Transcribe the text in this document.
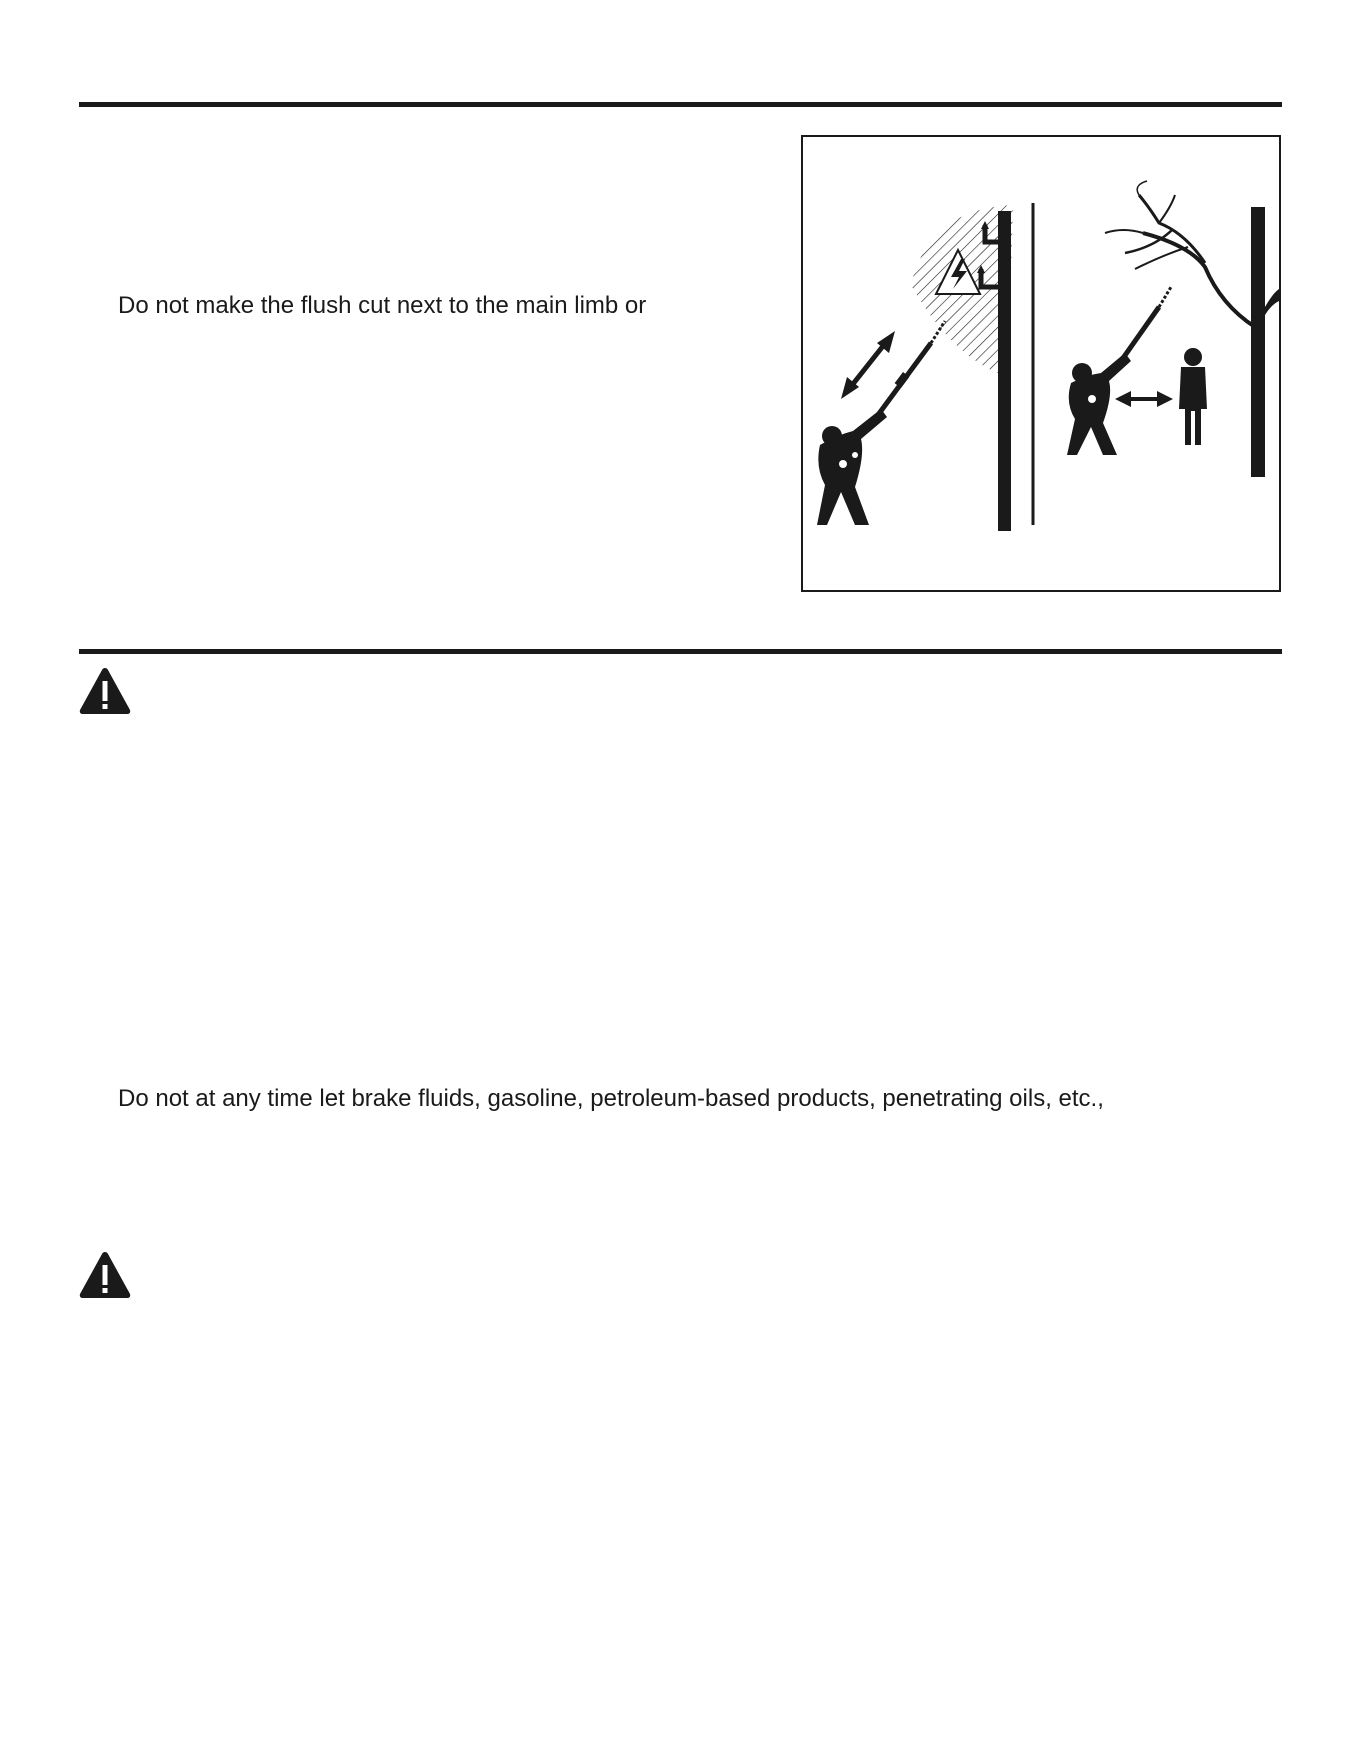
Do not make the flush cut next to the main limb or
Do not at any time let brake fluids, gasoline, petroleum-based products, penetrating oils, etc.,
